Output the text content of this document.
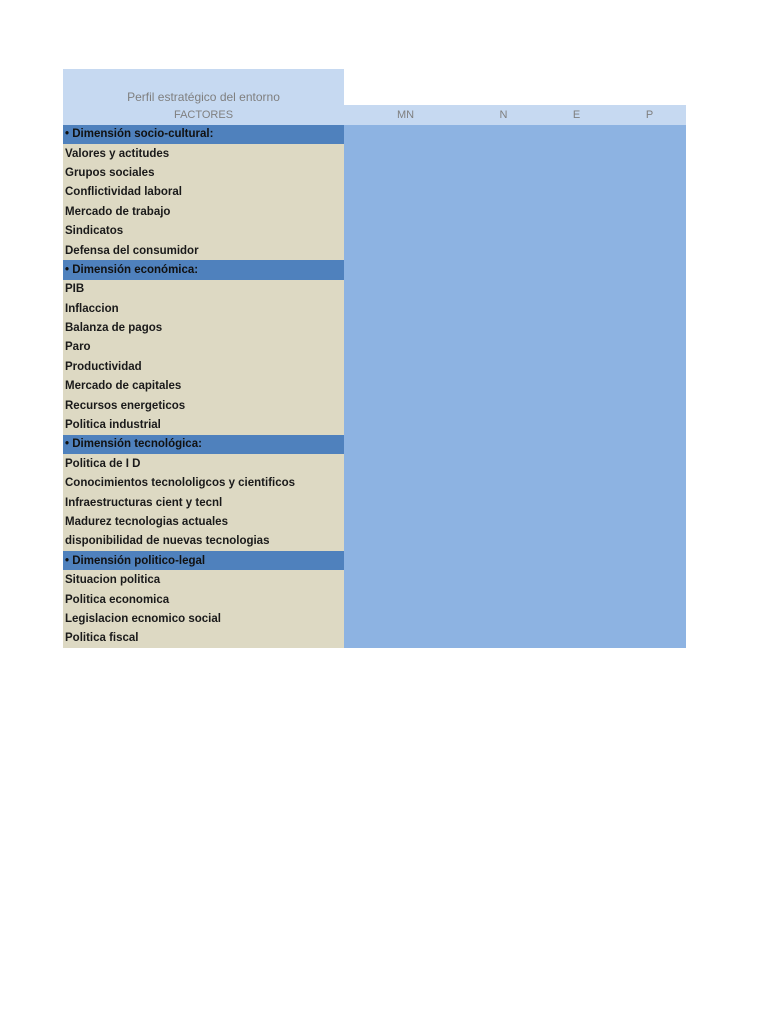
Perfil estratégico del entorno
FACTORES	MN	N	E	P
• Dimensión socio-cultural:
Valores y actitudes
Grupos sociales
Conflictividad laboral
Mercado de trabajo
Sindicatos
Defensa del consumidor
• Dimensión económica:
PIB
Inflaccion
Balanza de pagos
Paro
Productividad
Mercado de capitales
Recursos energeticos
Politica industrial
• Dimensión tecnológica:
Politica de I D
Conocimientos tecnololigcos y cientificos
Infraestructuras cient y tecnl
Madurez tecnologias actuales
disponibilidad de nuevas tecnologias
• Dimensión politico-legal
Situacion politica
Politica economica
Legislacion ecnomico social
Politica fiscal
